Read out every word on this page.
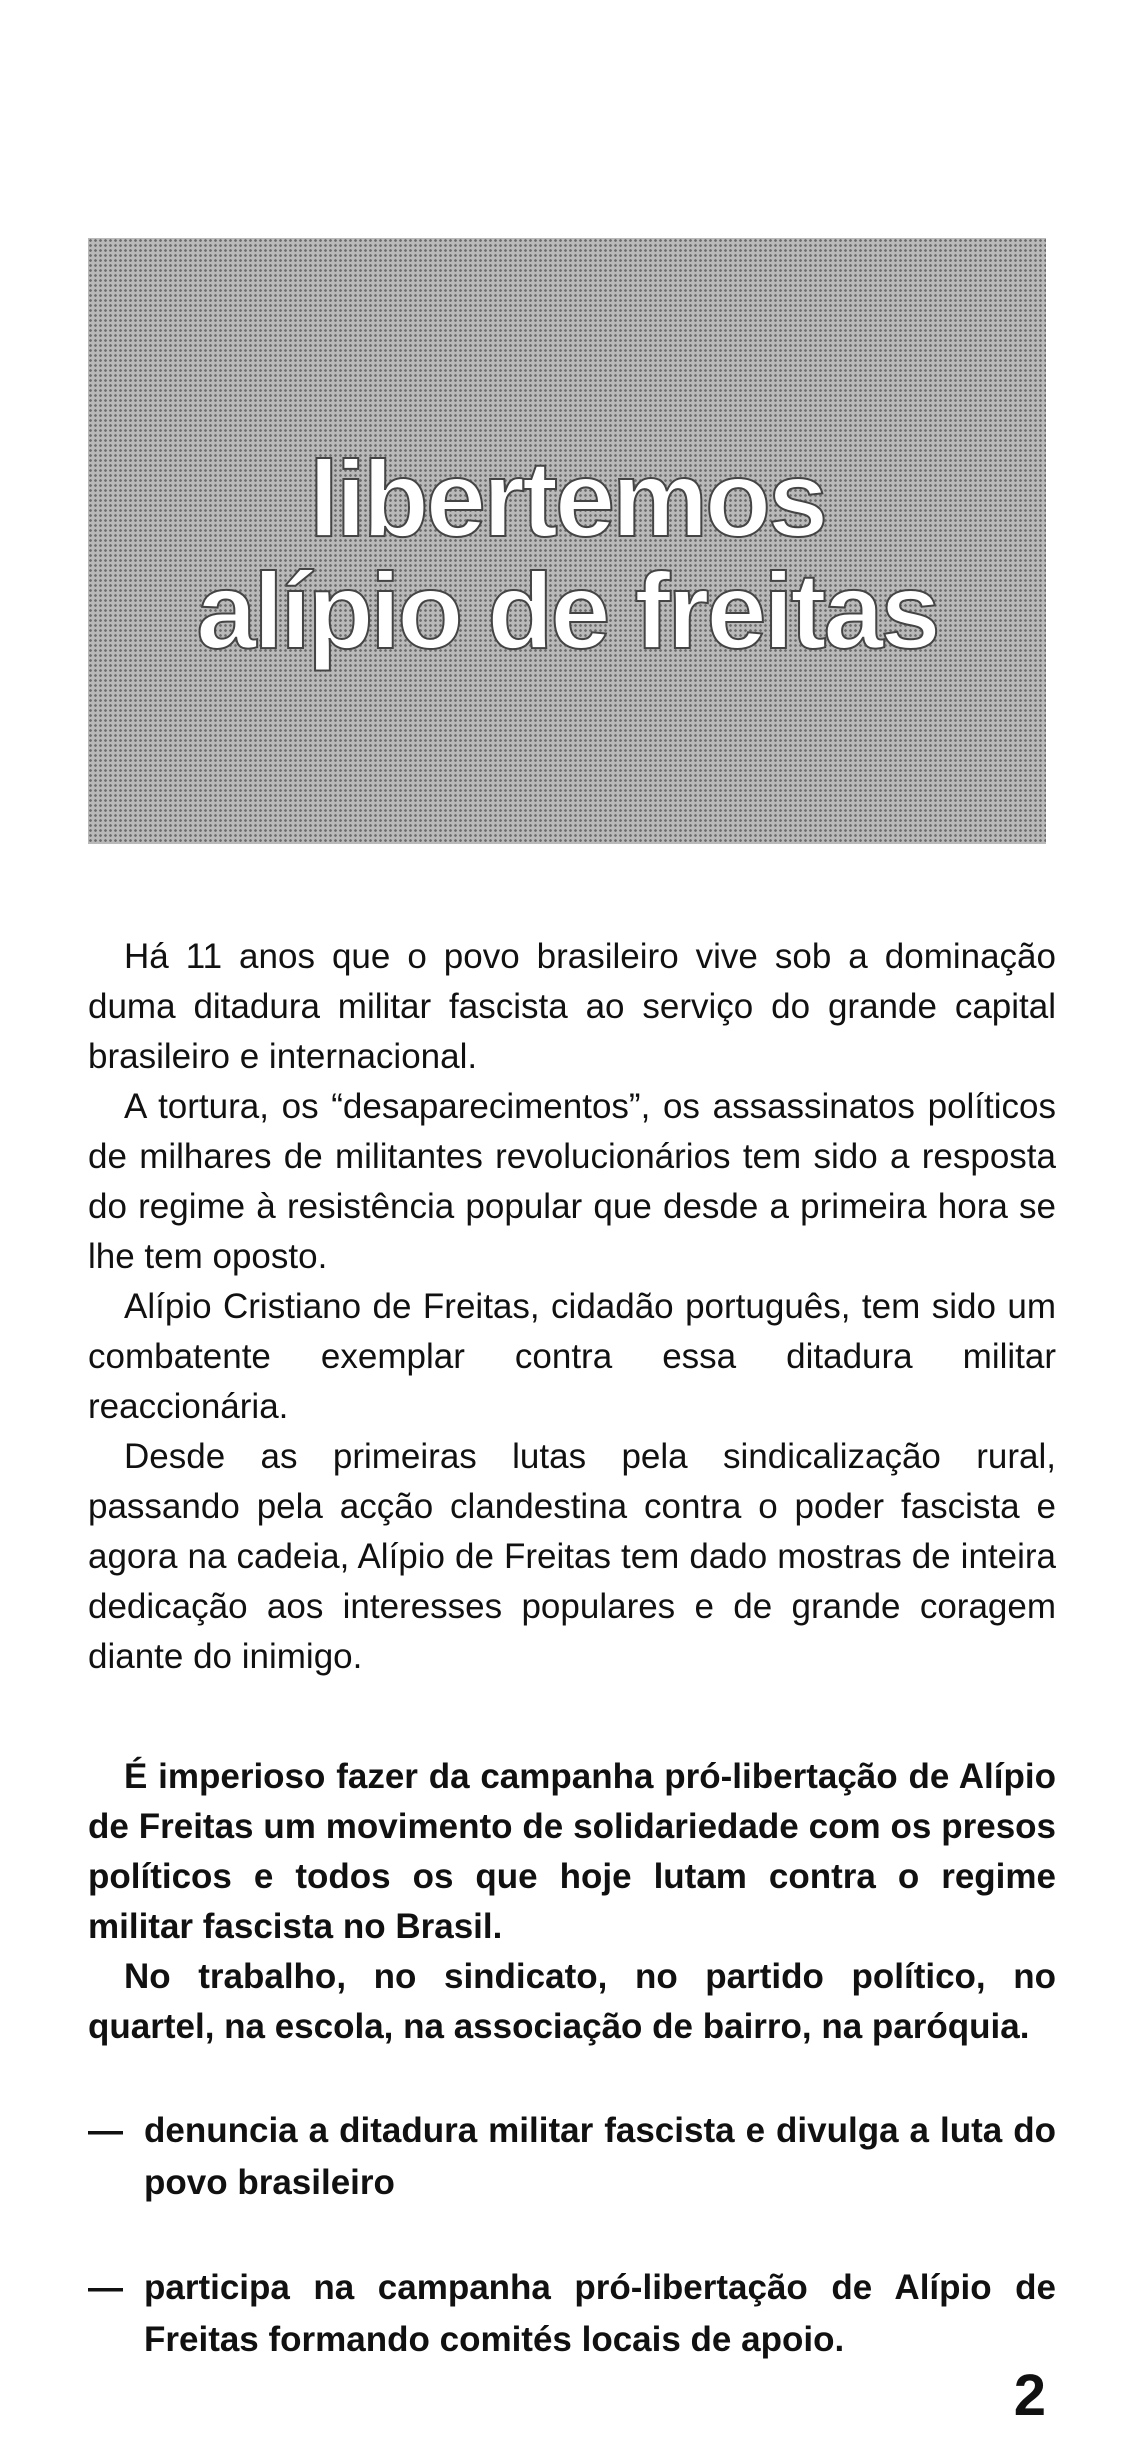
libertemos
alípio de freitas

Há 11 anos que o povo brasileiro vive sob a dominação duma ditadura militar fascista ao serviço do grande capital brasileiro e internacional.

A tortura, os “desaparecimentos”, os assassinatos políticos de milhares de militantes revolucionários tem sido a resposta do regime à resistência popular que desde a primeira hora se lhe tem oposto.

Alípio Cristiano de Freitas, cidadão português, tem sido um combatente exemplar contra essa ditadura militar reaccionária.

Desde as primeiras lutas pela sindicalização rural, passando pela acção clandestina contra o poder fascista e agora na cadeia, Alípio de Freitas tem dado mostras de inteira dedicação aos interesses populares e de grande coragem diante do inimigo.

É imperioso fazer da campanha pró-libertação de Alípio de Freitas um movimento de solidariedade com os presos políticos e todos os que hoje lutam contra o regime militar fascista no Brasil.

No trabalho, no sindicato, no partido político, no quartel, na escola, na associação de bairro, na paróquia.

— denuncia a ditadura militar fascista e divulga a luta do povo brasileiro
— participa na campanha pró-libertação de Alípio de Freitas formando comités locais de apoio.

2
